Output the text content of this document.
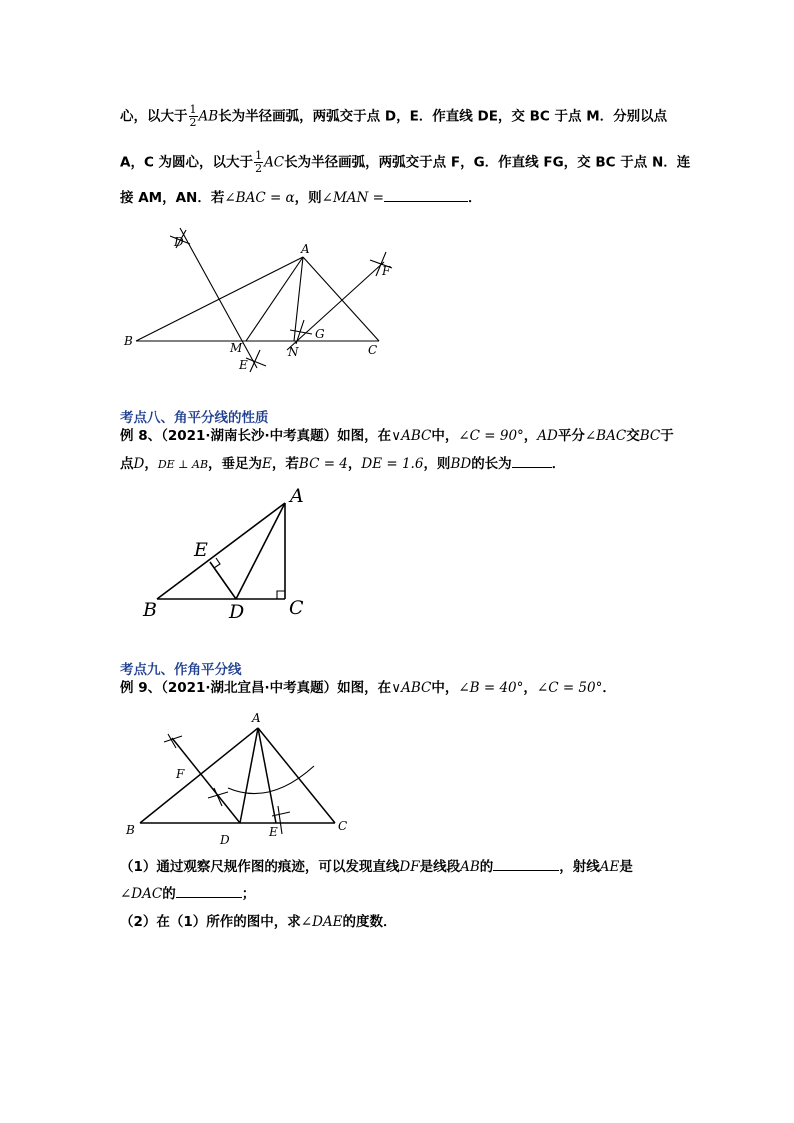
心，以大于 $\frac{1}{2}$ AB长为半径画弧，两弧交于点 D，E．作直线 DE，交 BC 于点 M．分别以点
A，C 为圆心，以大于 $\frac{1}{2}$ AC长为半径画弧，两弧交于点 F，G．作直线 FG，交 BC 于点 N．连
接 AM，AN．若∠BAC = α，则∠MAN =	．
B
A
C
D
E
F
G
M	N
考点八、角平分线的性质
例 8、（2021·湖南长沙·中考真题）如图，在∨ABC中，∠C = 90°，AD平分∠BAC交BC于
点D，DE ⊥ AB，垂足为E，若BC = 4，DE = 1.6，则BD的长为	．
A
B	C
D
E
考点九、作角平分线
例 9、（2021·湖北宜昌·中考真题）如图，在∨ABC中，∠B = 40°，∠C = 50°．
A
B	C
D
E
F
（1）通过观察尺规作图的痕迹，可以发现直线DF是线段AB的	，射线AE是
∠DAC的	；
（2）在（1）所作的图中，求∠DAE的度数．
